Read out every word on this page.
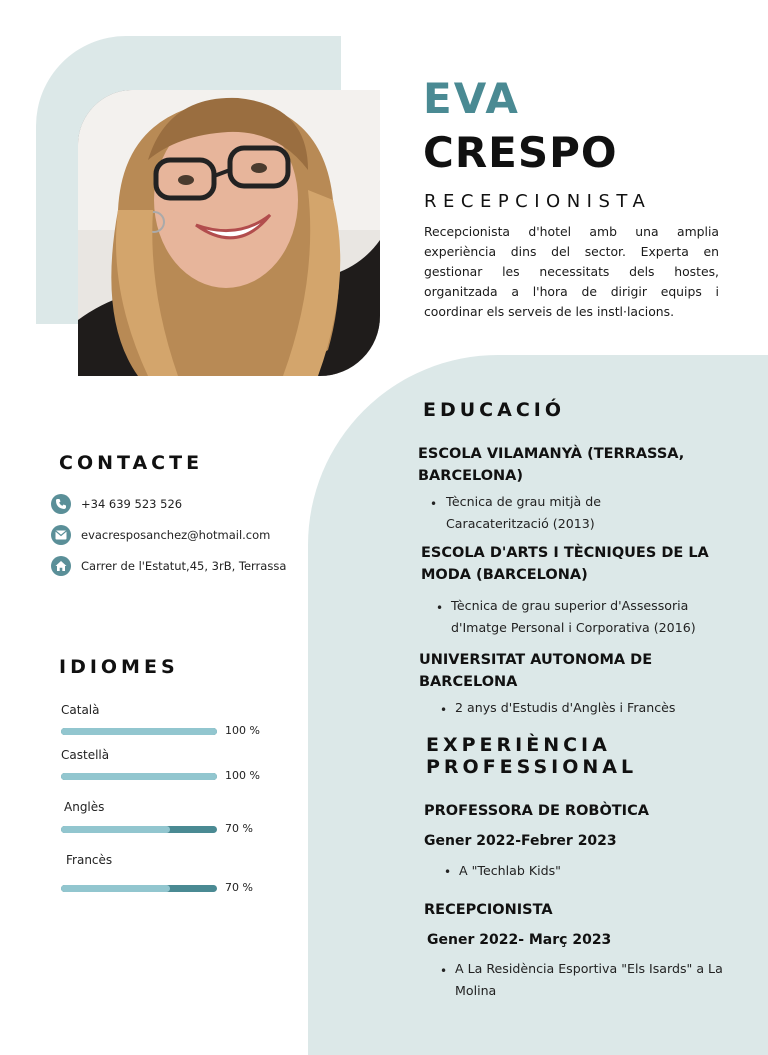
EVA
CRESPO
RECEPCIONISTA
Recepcionista d'hotel amb una amplia experiència dins del sector. Experta en gestionar les necessitats dels hostes, organitzada a l'hora de dirigir equips i coordinar els serveis de les instl·lacions.
CONTACTE
+34 639 523 526
evacresposanchez@hotmail.com
Carrer de l'Estatut,45, 3rB, Terrassa
IDIOMES
Català
100 %
Castellà
100 %
Anglès
70 %
Francès
70 %
EDUCACIÓ
ESCOLA VILAMANYÀ (TERRASSA,
BARCELONA)
• Tècnica de grau mitjà de
Caracaterització (2013)
ESCOLA D'ARTS I TÈCNIQUES DE LA
MODA (BARCELONA)
• Tècnica de grau superior d'Assessoria
d'Imatge Personal i Corporativa (2016)
UNIVERSITAT AUTONOMA DE
BARCELONA
• 2 anys d'Estudis d'Anglès i Francès
EXPERIÈNCIA
PROFESSIONAL
PROFESSORA DE ROBÒTICA
Gener 2022-Febrer 2023
• A "Techlab Kids"
RECEPCIONISTA
Gener 2022- Març 2023
• A La Residència Esportiva "Els Isards" a La
Molina
